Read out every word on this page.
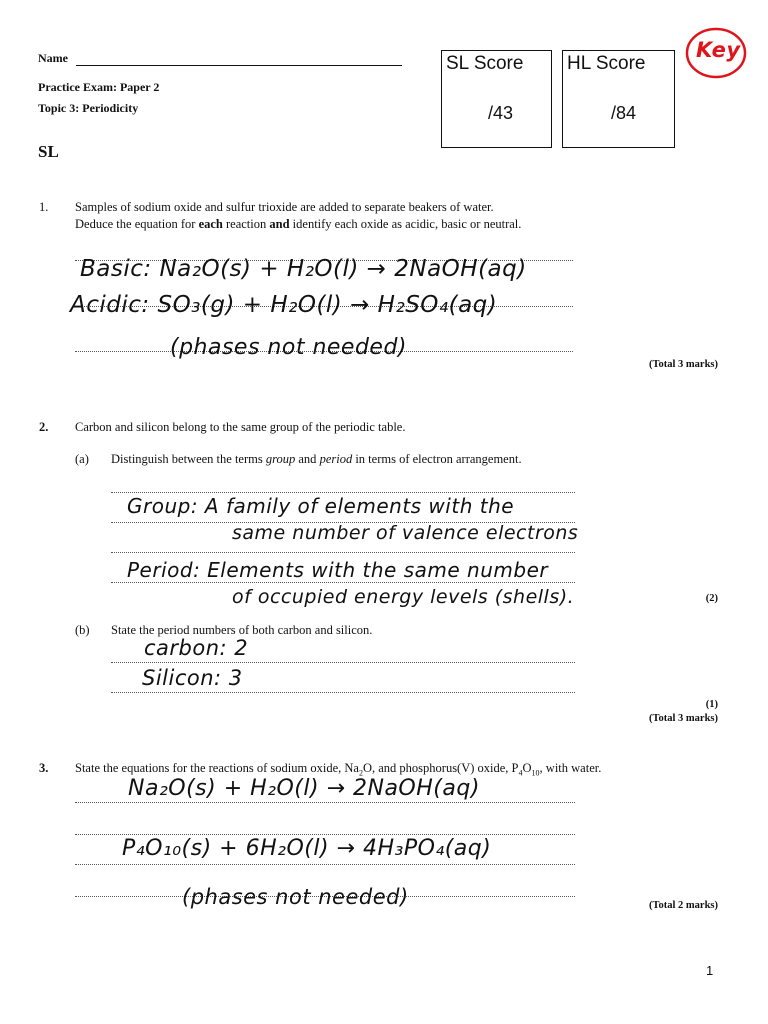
Name
Practice Exam: Paper 2
Topic 3: Periodicity
SL
SL Score
/43
HL Score
/84
Key
1. Samples of sodium oxide and sulfur trioxide are added to separate beakers of water.
Deduce the equation for each reaction and identify each oxide as acidic, basic or neutral.
Basic: Na₂O(s) + H₂O(l) → 2NaOH(aq)
Acidic: SO₃(g) + H₂O(l) → H₂SO₄(aq)
(phases not needed)
(Total 3 marks)
2. Carbon and silicon belong to the same group of the periodic table.
(a) Distinguish between the terms group and period in terms of electron arrangement.
Group: A family of elements with the
same number of valence electrons
Period: Elements with the same number
of occupied energy levels (shells).	(2)
(b) State the period numbers of both carbon and silicon.
carbon: 2
Silicon: 3
(1)
(Total 3 marks)
3. State the equations for the reactions of sodium oxide, $Na_2O$, and phosphorus(V) oxide, $P_4O_{10}$, with water.
Na₂O(s) + H₂O(l) → 2NaOH(aq)
P₄O₁₀(s) + 6H₂O(l) → 4H₃PO₄(aq)
(phases not needed)	(Total 2 marks)
1
